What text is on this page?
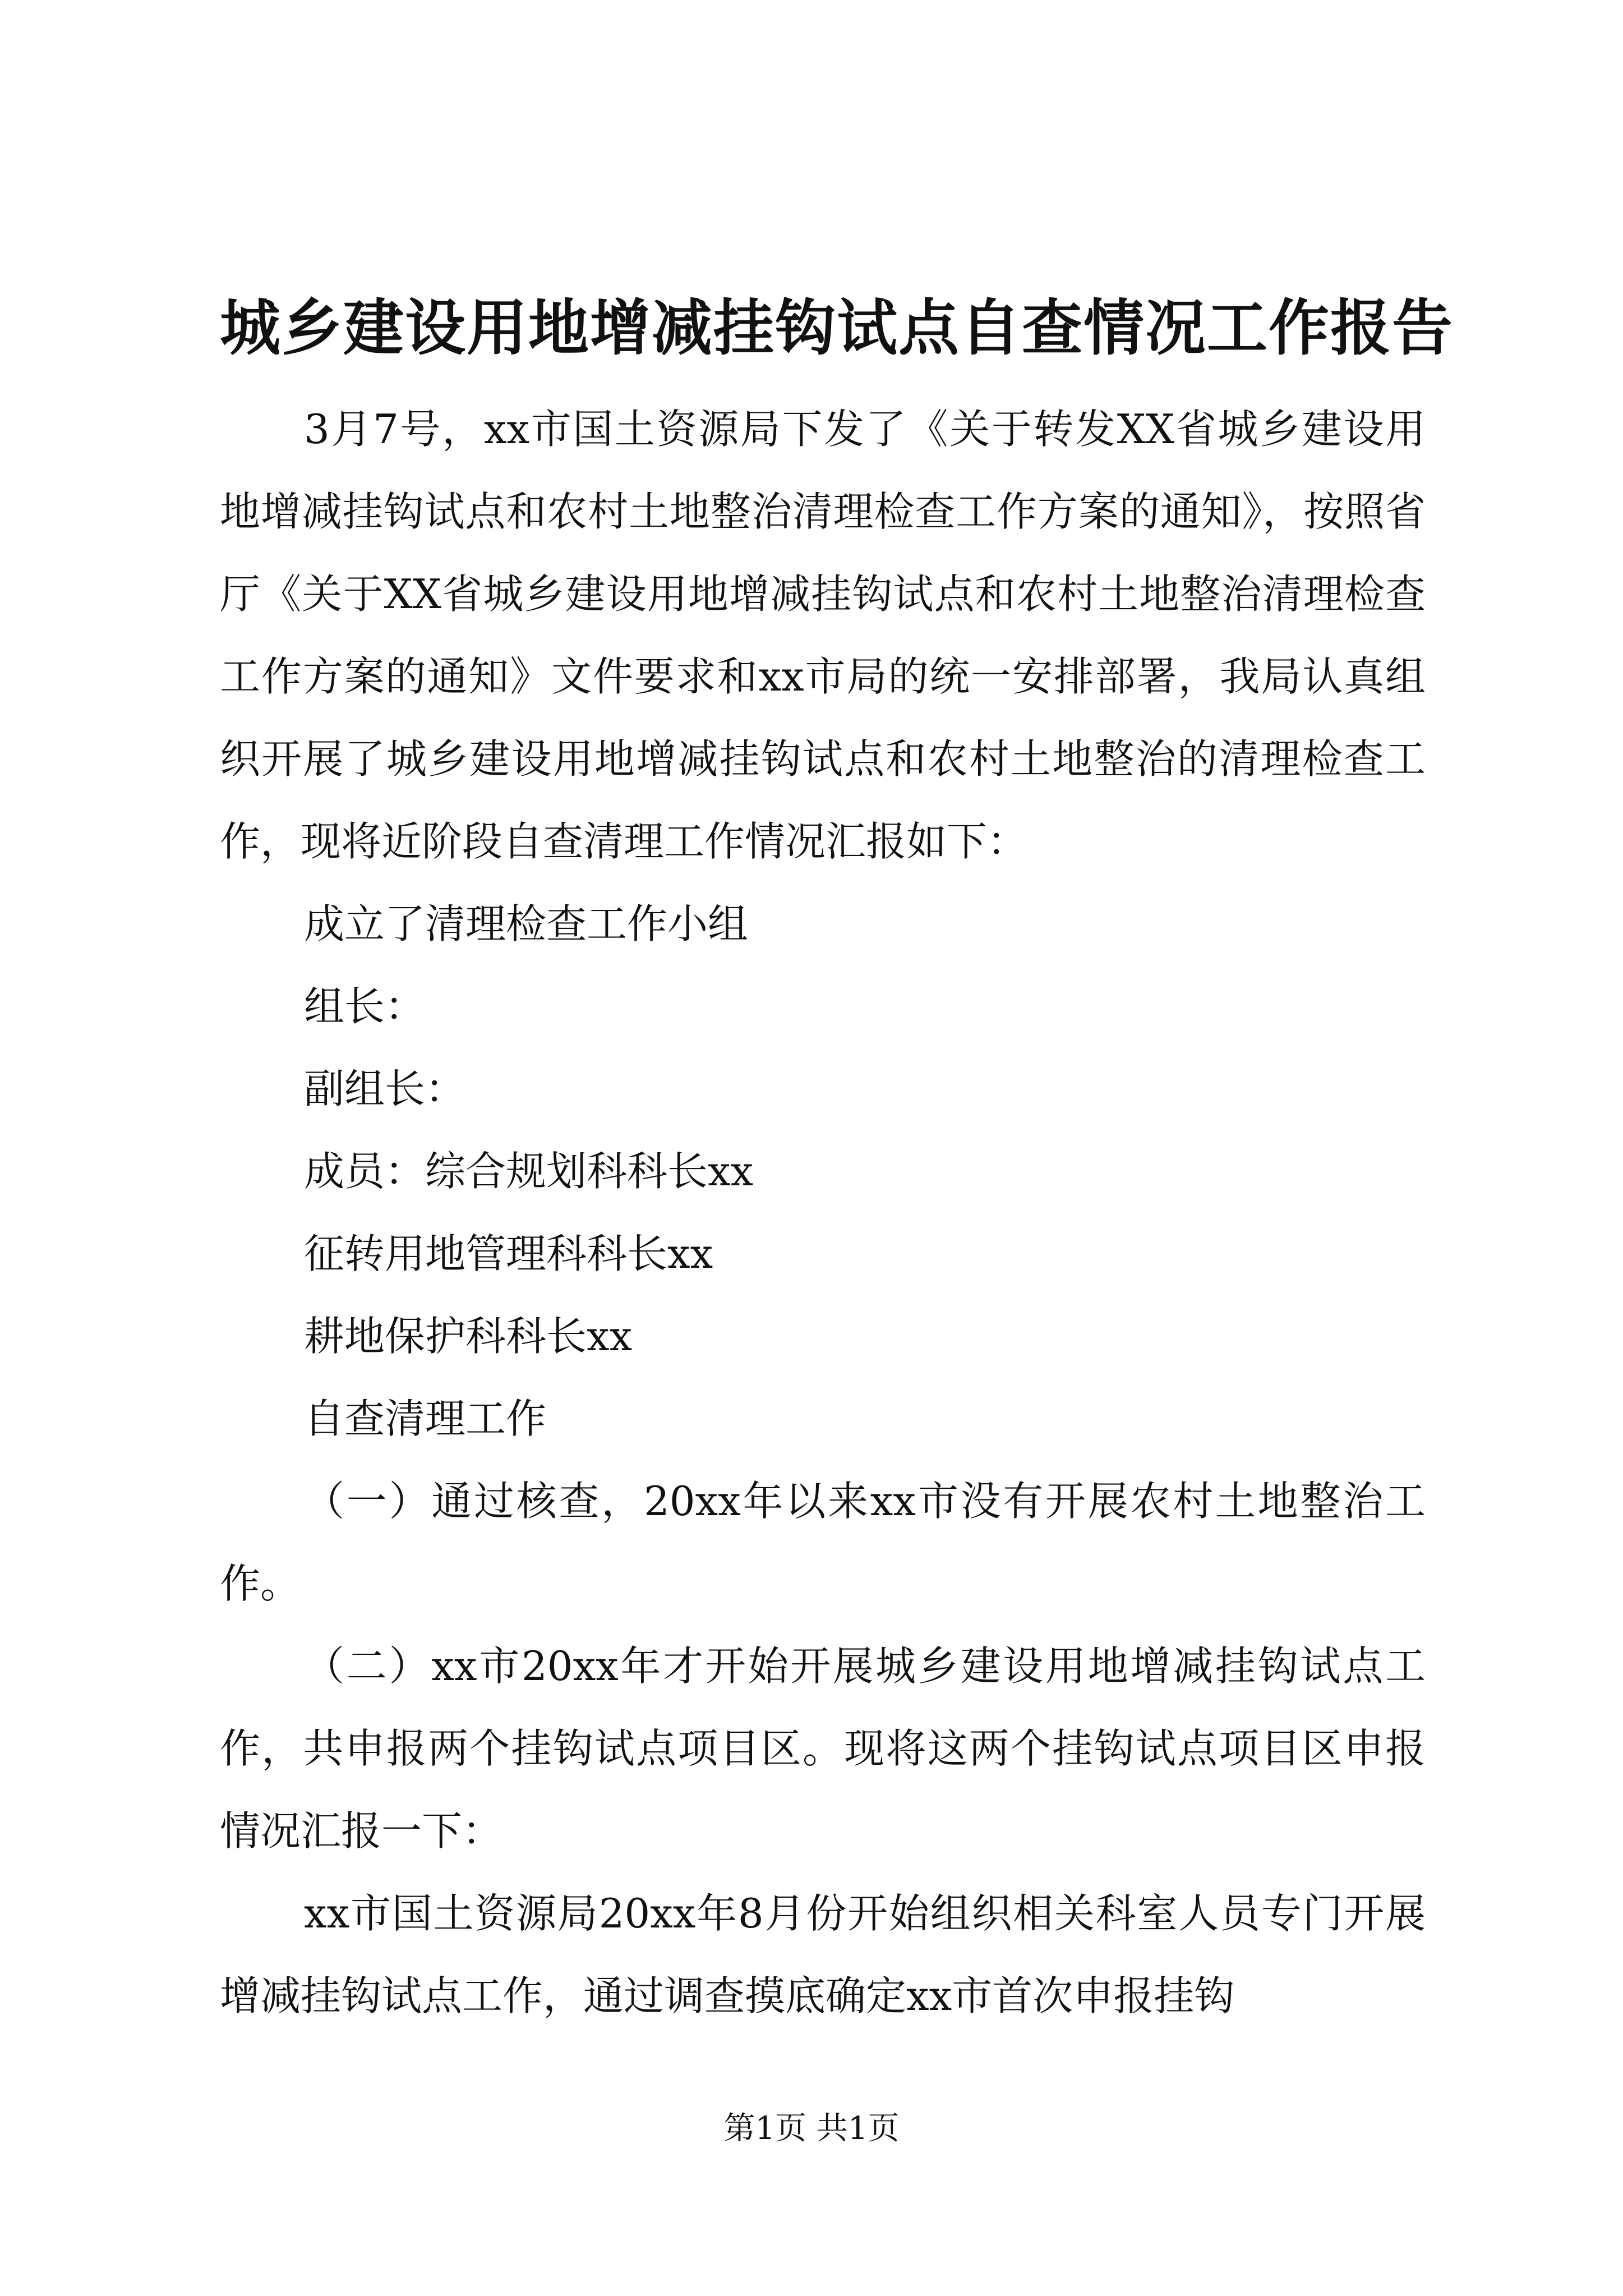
城乡建设用地增减挂钩试点自查情况工作报告

3月7号，xx市国土资源局下发了《关于转发XX省城乡建设用地增减挂钩试点和农村土地整治清理检查工作方案的通知》，按照省厅《关于XX省城乡建设用地增减挂钩试点和农村土地整治清理检查工作方案的通知》文件要求和xx市局的统一安排部署，我局认真组织开展了城乡建设用地增减挂钩试点和农村土地整治的清理检查工作，现将近阶段自查清理工作情况汇报如下：

成立了清理检查工作小组

组长：

副组长：

成员：综合规划科科长xx

征转用地管理科科长xx

耕地保护科科长xx

自查清理工作

（一）通过核查，20xx年以来xx市没有开展农村土地整治工作。

（二）xx市20xx年才开始开展城乡建设用地增减挂钩试点工作，共申报两个挂钩试点项目区。现将这两个挂钩试点项目区申报情况汇报一下：

xx市国土资源局20xx年8月份开始组织相关科室人员专门开展增减挂钩试点工作，通过调查摸底确定xx市首次申报挂钩

第1页 共1页
